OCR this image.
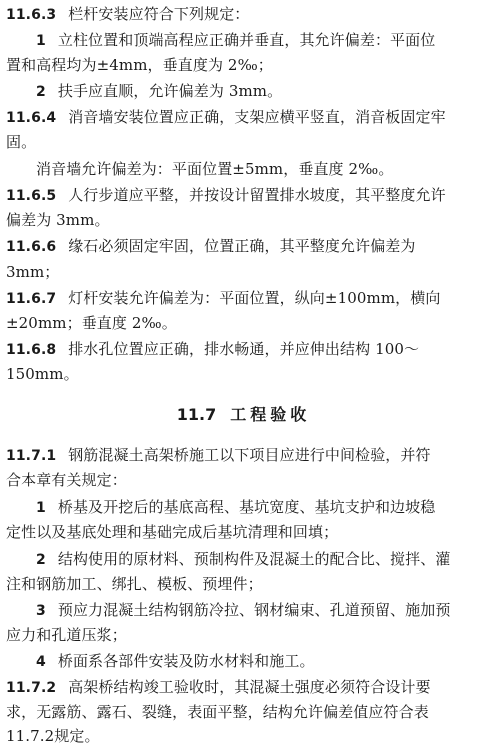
11.6.3 栏杆安装应符合下列规定：
1 立柱位置和顶端高程应正确并垂直，其允许偏差：平面位
置和高程均为±4mm，垂直度为 2‰；
2 扶手应直顺，允许偏差为 3mm。
11.6.4 消音墙安装位置应正确，支架应横平竖直，消音板固定牢
固。
消音墙允许偏差为：平面位置±5mm，垂直度 2‰。
11.6.5 人行步道应平整，并按设计留置排水坡度，其平整度允许
偏差为 3mm。
11.6.6 缘石必须固定牢固，位置正确，其平整度允许偏差为
3mm；
11.6.7 灯杆安装允许偏差为：平面位置，纵向±100mm，横向
±20mm；垂直度 2‰。
11.6.8 排水孔位置应正确，排水畅通，并应伸出结构 100～
150mm。
11.7 工程验收
11.7.1 钢筋混凝土高架桥施工以下项目应进行中间检验，并符
合本章有关规定：
1 桥基及开挖后的基底高程、基坑宽度、基坑支护和边坡稳
定性以及基底处理和基础完成后基坑清理和回填；
2 结构使用的原材料、预制构件及混凝土的配合比、搅拌、灌
注和钢筋加工、绑扎、模板、预埋件；
3 预应力混凝土结构钢筋冷拉、钢材编束、孔道预留、施加预
应力和孔道压浆；
4 桥面系各部件安装及防水材料和施工。
11.7.2 高架桥结构竣工验收时，其混凝土强度必须符合设计要
求，无露筋、露石、裂缝，表面平整，结构允许偏差值应符合表
11.7.2规定。
